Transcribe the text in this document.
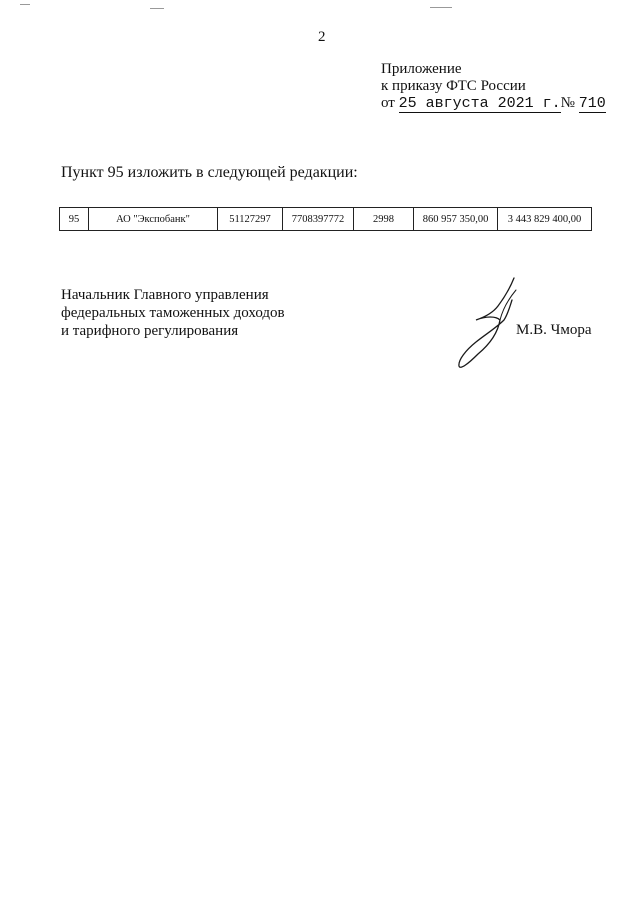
2
Приложение
к приказу ФТС России
от 25 августа 2021 г.№ 710
Пункт 95 изложить в следующей редакции:
95	АО "Экспобанк"	51127297	7708397772	2998	860 957 350,00	3 443 829 400,00
Начальник Главного управления
федеральных таможенных доходов
и тарифного регулирования	М.В. Чмора
